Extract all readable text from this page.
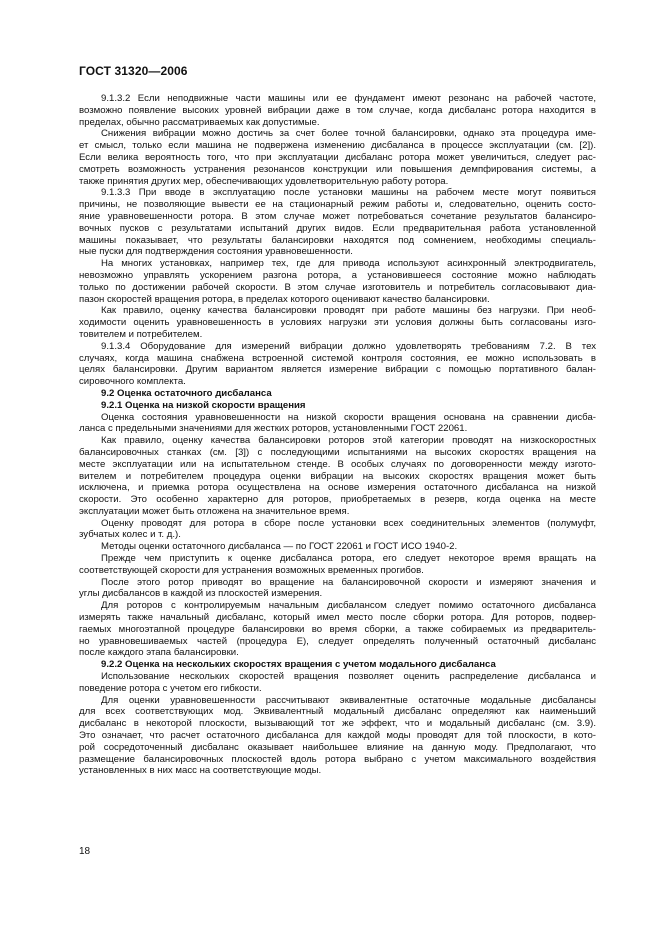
ГОСТ 31320—2006
9.1.3.2 Если неподвижные части машины или ее фундамент имеют резонанс на рабочей частоте,
возможно появление высоких уровней вибрации даже в том случае, когда дисбаланс ротора находится в
пределах, обычно рассматриваемых как допустимые.
Снижения вибрации можно достичь за счет более точной балансировки, однако эта процедура име-
ет смысл, только если машина не подвержена изменению дисбаланса в процессе эксплуатации (см. [2]).
Если велика вероятность того, что при эксплуатации дисбаланс ротора может увеличиться, следует рас-
смотреть возможность устранения резонансов конструкции или повышения демпфирования системы, а
также принятия других мер, обеспечивающих удовлетворительную работу ротора.
9.1.3.3 При вводе в эксплуатацию после установки машины на рабочем месте могут появиться
причины, не позволяющие вывести ее на стационарный режим работы и, следовательно, оценить состо-
яние уравновешенности ротора. В этом случае может потребоваться сочетание результатов балансиро-
вочных пусков с результатами испытаний других видов. Если предварительная работа установленной
машины показывает, что результаты балансировки находятся под сомнением, необходимы специаль-
ные пуски для подтверждения состояния уравновешенности.
На многих установках, например тех, где для привода используют асинхронный электродвигатель,
невозможно управлять ускорением разгона ротора, а установившееся состояние можно наблюдать
только по достижении рабочей скорости. В этом случае изготовитель и потребитель согласовывают диа-
пазон скоростей вращения ротора, в пределах которого оценивают качество балансировки.
Как правило, оценку качества балансировки проводят при работе машины без нагрузки. При необ-
ходимости оценить уравновешенность в условиях нагрузки эти условия должны быть согласованы изго-
товителем и потребителем.
9.1.3.4 Оборудование для измерений вибрации должно удовлетворять требованиям 7.2. В тех
случаях, когда машина снабжена встроенной системой контроля состояния, ее можно использовать в
целях балансировки. Другим вариантом является измерение вибрации с помощью портативного балан-
сировочного комплекта.
9.2 Оценка остаточного дисбаланса
9.2.1 Оценка на низкой скорости вращения
Оценка состояния уравновешенности на низкой скорости вращения основана на сравнении дисба-
ланса с предельными значениями для жестких роторов, установленными ГОСТ 22061.
Как правило, оценку качества балансировки роторов этой категории проводят на низкоскоростных
балансировочных станках (см. [3]) с последующими испытаниями на высоких скоростях вращения на
месте эксплуатации или на испытательном стенде. В особых случаях по договоренности между изгото-
вителем и потребителем процедура оценки вибрации на высоких скоростях вращения может быть
исключена, и приемка ротора осуществлена на основе измерения остаточного дисбаланса на низкой
скорости. Это особенно характерно для роторов, приобретаемых в резерв, когда оценка на месте
эксплуатации может быть отложена на значительное время.
Оценку проводят для ротора в сборе после установки всех соединительных элементов (полумуфт,
зубчатых колес и т. д.).
Методы оценки остаточного дисбаланса — по ГОСТ 22061 и ГОСТ ИСО 1940-2.
Прежде чем приступить к оценке дисбаланса ротора, его следует некоторое время вращать на
соответствующей скорости для устранения возможных временных прогибов.
После этого ротор приводят во вращение на балансировочной скорости и измеряют значения и
углы дисбалансов в каждой из плоскостей измерения.
Для роторов с контролируемым начальным дисбалансом следует помимо остаточного дисбаланса
измерять также начальный дисбаланс, который имел место после сборки ротора. Для роторов, подвер-
гаемых многоэтапной процедуре балансировки во время сборки, а также собираемых из предваритель-
но уравновешиваемых частей (процедура Е), следует определять полученный остаточный дисбаланс
после каждого этапа балансировки.
9.2.2 Оценка на нескольких скоростях вращения с учетом модального дисбаланса
Использование нескольких скоростей вращения позволяет оценить распределение дисбаланса и
поведение ротора с учетом его гибкости.
Для оценки уравновешенности рассчитывают эквивалентные остаточные модальные дисбалансы
для всех соответствующих мод. Эквивалентный модальный дисбаланс определяют как наименьший
дисбаланс в некоторой плоскости, вызывающий тот же эффект, что и модальный дисбаланс (см. 3.9).
Это означает, что расчет остаточного дисбаланса для каждой моды проводят для той плоскости, в кото-
рой сосредоточенный дисбаланс оказывает наибольшее влияние на данную моду. Предполагают, что
размещение балансировочных плоскостей вдоль ротора выбрано с учетом максимального воздействия
установленных в них масс на соответствующие моды.
18
